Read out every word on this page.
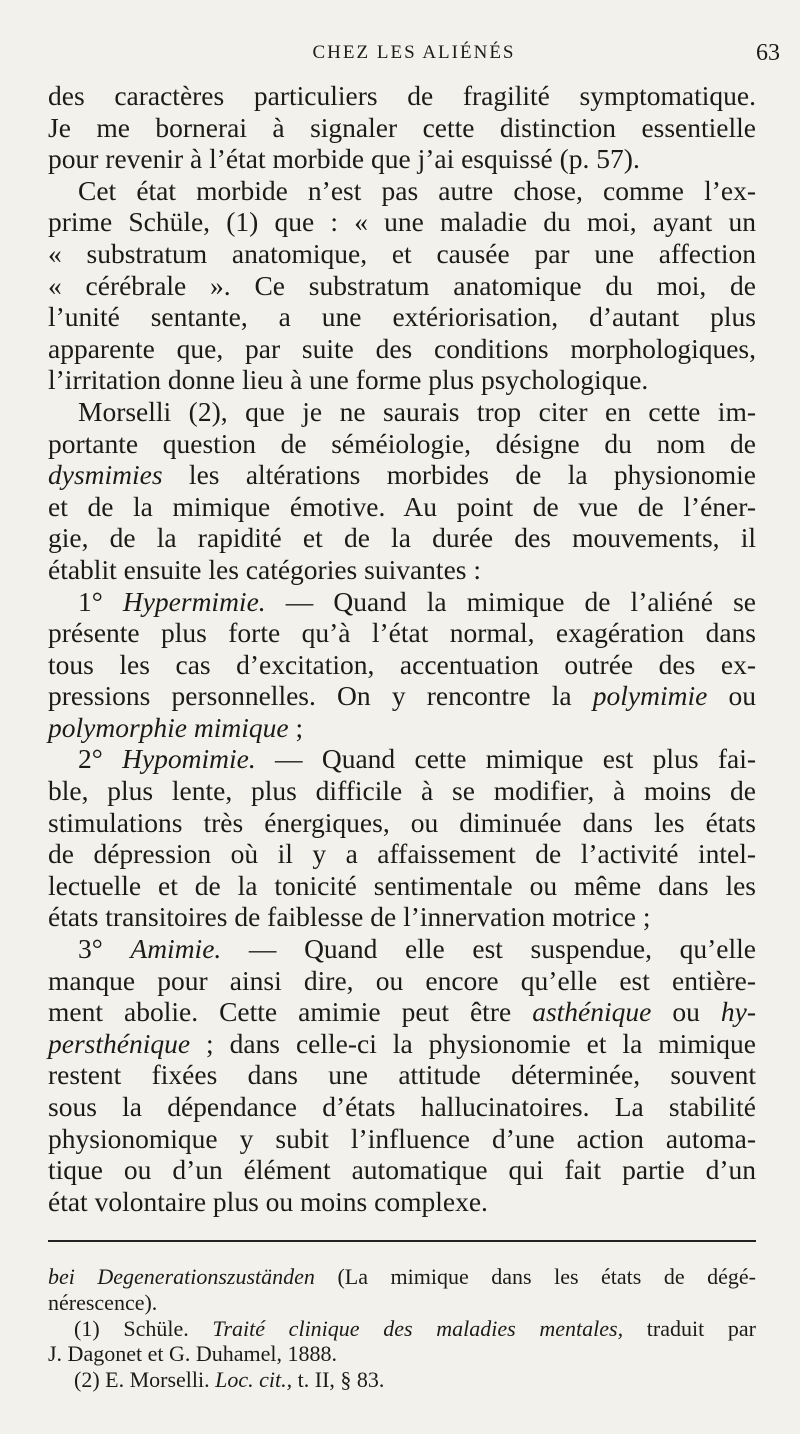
CHEZ LES ALIÉNÉS	63
des caractères particuliers de fragilité symptomatique.
Je me bornerai à signaler cette distinction essentielle
pour revenir à l’état morbide que j’ai esquissé (p. 57).
Cet état morbide n’est pas autre chose, comme l’ex-
prime Schüle, (1) que : « une maladie du moi, ayant un
« substratum anatomique, et causée par une affection
« cérébrale ». Ce substratum anatomique du moi, de
l’unité sentante, a une extériorisation, d’autant plus
apparente que, par suite des conditions morphologiques,
l’irritation donne lieu à une forme plus psychologique.
Morselli (2), que je ne saurais trop citer en cette im-
portante question de séméiologie, désigne du nom de
dysmimies les altérations morbides de la physionomie
et de la mimique émotive. Au point de vue de l’éner-
gie, de la rapidité et de la durée des mouvements, il
établit ensuite les catégories suivantes :
1° Hypermimie. — Quand la mimique de l’aliéné se
présente plus forte qu’à l’état normal, exagération dans
tous les cas d’excitation, accentuation outrée des ex-
pressions personnelles. On y rencontre la polymimie ou
polymorphie mimique ;
2° Hypomimie. — Quand cette mimique est plus fai-
ble, plus lente, plus difficile à se modifier, à moins de
stimulations très énergiques, ou diminuée dans les états
de dépression où il y a affaissement de l’activité intel-
lectuelle et de la tonicité sentimentale ou même dans les
états transitoires de faiblesse de l’innervation motrice ;
3° Amimie. — Quand elle est suspendue, qu’elle
manque pour ainsi dire, ou encore qu’elle est entière-
ment abolie. Cette amimie peut être asthénique ou hy-
persthénique ; dans celle-ci la physionomie et la mimique
restent fixées dans une attitude déterminée, souvent
sous la dépendance d’états hallucinatoires. La stabilité
physionomique y subit l’influence d’une action automa-
tique ou d’un élément automatique qui fait partie d’un
état volontaire plus ou moins complexe.
bei Degenerationszuständen (La mimique dans les états de dégé-
nérescence).
(1) Schüle. Traité clinique des maladies mentales, traduit par
J. Dagonet et G. Duhamel, 1888.
(2) E. Morselli. Loc. cit., t. II, § 83.
